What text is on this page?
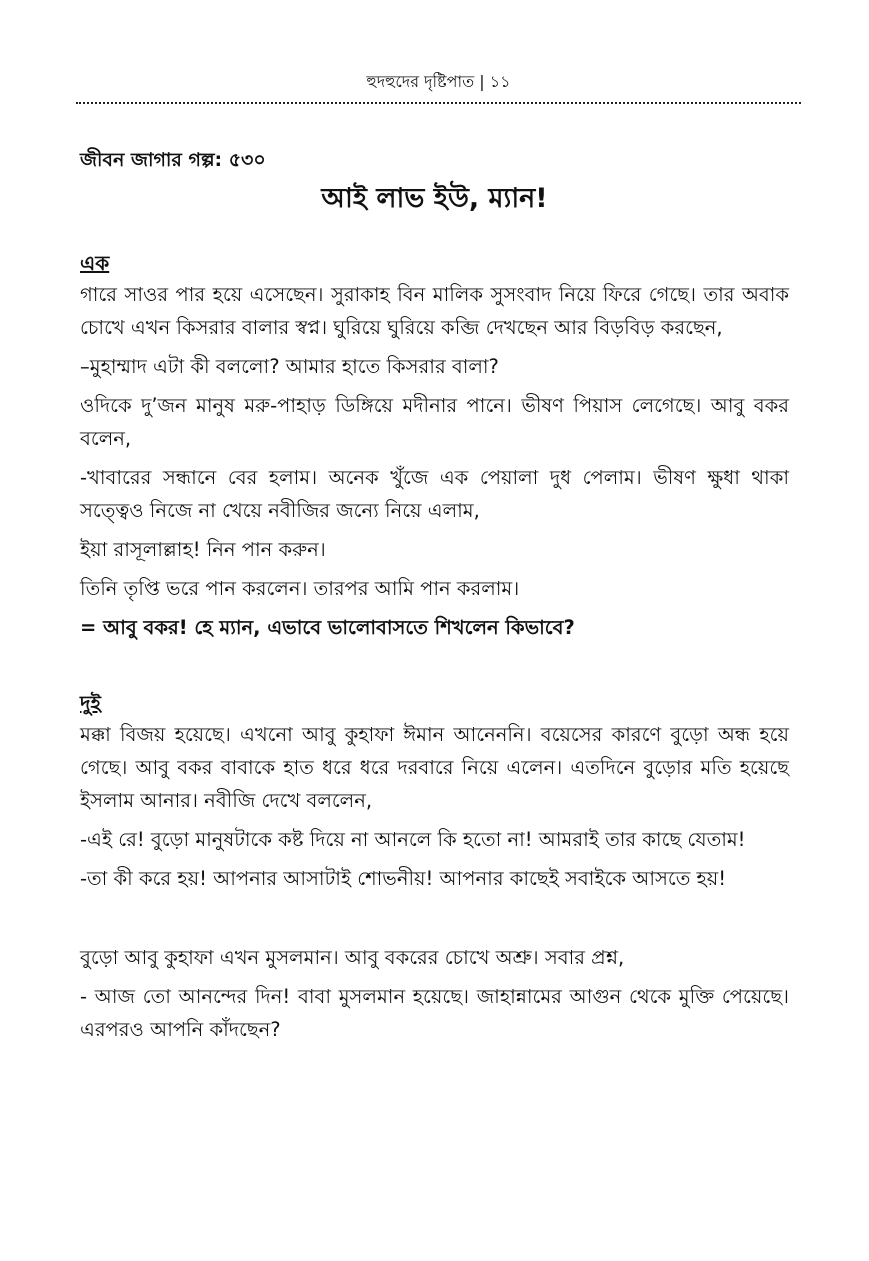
হুদহুদের দৃষ্টিপাত | ১১
জীবন জাগার গল্প: ৫৩০
আই লাভ ইউ, ম্যান!
এক

গারে সাওর পার হয়ে এসেছেন। সুরাকাহ বিন মালিক সুসংবাদ নিয়ে ফিরে গেছে। তার অবাক চোখে এখন কিসরার বালার স্বপ্ন। ঘুরিয়ে ঘুরিয়ে কব্জি দেখছেন আর বিড়বিড় করছেন,

–মুহাম্মাদ এটা কী বললো? আমার হাতে কিসরার বালা?

ওদিকে দু’জন মানুষ মরু-পাহাড় ডিঙ্গিয়ে মদীনার পানে। ভীষণ পিয়াস লেগেছে। আবু বকর বলেন,

-খাবারের সন্ধানে বের হলাম। অনেক খুঁজে এক পেয়ালা দুধ পেলাম। ভীষণ ক্ষুধা থাকা সত্ত্বেও নিজে না খেয়ে নবীজির জন্যে নিয়ে এলাম,

ইয়া রাসূলাল্লাহ! নিন পান করুন।

তিনি তৃপ্তি ভরে পান করলেন। তারপর আমি পান করলাম।

= আবু বকর! হে ম্যান, এভাবে ভালোবাসতে শিখলেন কিভাবে?

দুই

মক্কা বিজয় হয়েছে। এখনো আবু কুহাফা ঈমান আনেননি। বয়েসের কারণে বুড়ো অন্ধ হয়ে গেছে। আবু বকর বাবাকে হাত ধরে ধরে দরবারে নিয়ে এলেন। এতদিনে বুড়োর মতি হয়েছে ইসলাম আনার। নবীজি দেখে বললেন,

-এই রে! বুড়ো মানুষটাকে কষ্ট দিয়ে না আনলে কি হতো না! আমরাই তার কাছে যেতাম!

-তা কী করে হয়! আপনার আসাটাই শোভনীয়! আপনার কাছেই সবাইকে আসতে হয়!

বুড়ো আবু কুহাফা এখন মুসলমান। আবু বকরের চোখে অশ্রু। সবার প্রশ্ন,

- আজ তো আনন্দের দিন! বাবা মুসলমান হয়েছে। জাহান্নামের আগুন থেকে মুক্তি পেয়েছে। এরপরও আপনি কাঁদছেন?
